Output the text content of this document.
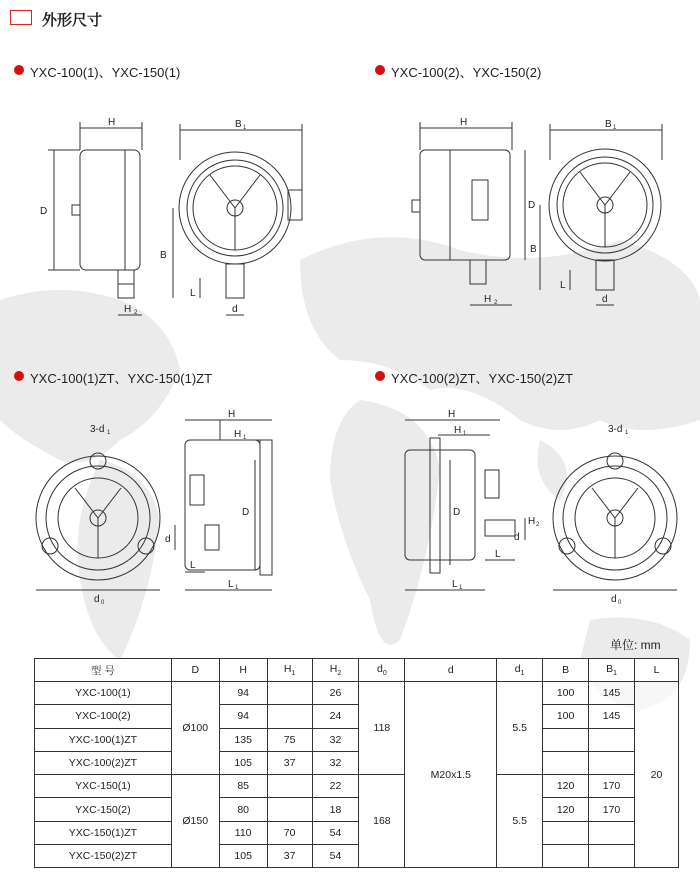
外形尺寸
YXC-100(1)、YXC-150(1)	YXC-100(2)、YXC-150(2)
YXC-100(1)ZT、YXC-150(1)ZT	YXC-100(2)ZT、YXC-150(2)ZT
H
D
H 2
B 1
B
L
d
H
D
H 2
B 1
B
L
d
3-d 1
d 0
H
H 1
D
d
L
L 1
H
H 1
D
H 2
d
L
L 1
3-d 1
d 0
单位: mm
型 号	D	H	$H_1$	$H_2$	$d_0$	d	$d_1$	B	$B_1$	L
YXC-100(1)	Ø100	94		26	118	M20x1.5	5.5	100	145	20
YXC-100(2)		94		24				100	145	
YXC-100(1)ZT		135	75	32						
YXC-100(2)ZT		105	37	32						
YXC-150(1)	Ø150	85		22	168		5.5	120	170	
YXC-150(2)		80		18				120	170	
YXC-150(1)ZT		110	70	54						
YXC-150(2)ZT		105	37	54						
